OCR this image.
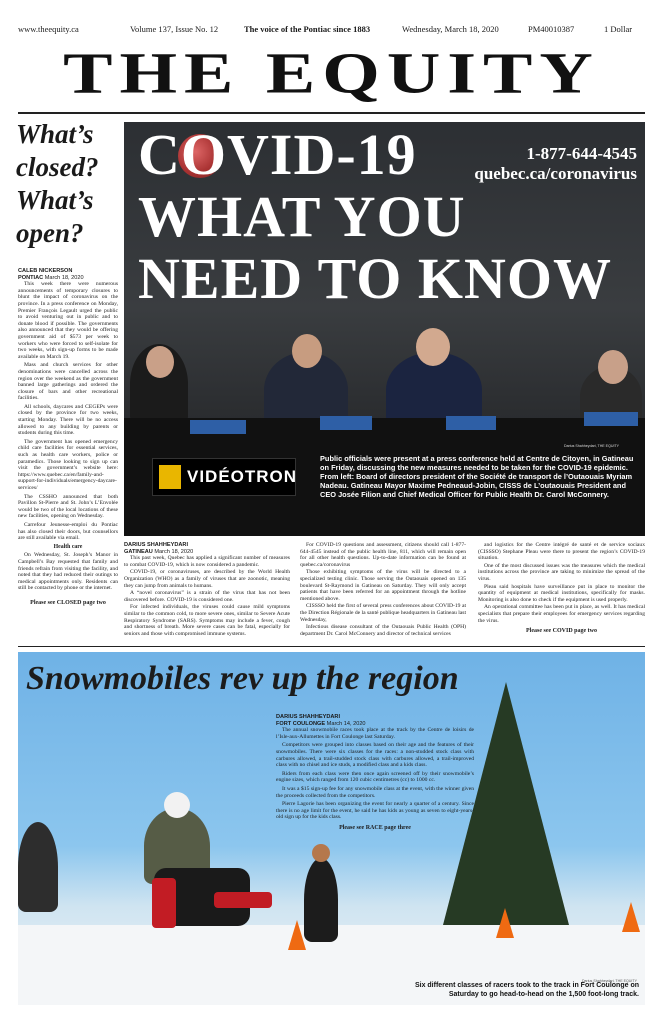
www.theequity.ca	Volume 137, Issue No. 12	The voice of the Pontiac since 1883	Wednesday, March 18, 2020	PM40010387	1 Dollar
THE EQUITY
What’s
closed?
What’s
open?
CALEB NICKERSON
PONTIAC March 18, 2020

This week there were numerous announcements of temporary closures to blunt the impact of coronavirus on the province. In a press conference on Monday, Premier François Legault urged the public to avoid venturing out in public and to donate blood if possible. The governments also announced that they would be offering government aid of $573 per week to workers who were forced to self-isolate for two weeks, with sign-up forms to be made available on March 19.

Mass and church services for other denominations were cancelled across the region over the weekend as the government banned large gatherings and ordered the closure of bars and other recreational facilities.

All schools, daycares and CEGEPs were closed by the province for two weeks, starting Monday. There will be no access allowed to any building by parents or students during this time.

The government has opened emergency child care facilities for essential services, such as health care workers, police or paramedics. Those looking to sign up can visit the government’s website here: https://www.quebec.ca/en/family-and-support-for-individuals/emergency-daycare-services/

The CSSHO announced that both Pavillon St-Pierre and St. John’s L’Envolée would be two of the local locations of these new facilities, opening on Wednesday.

Carrefour Jeunesse-emploi du Pontiac has also closed their doors, but counsellors are still available via email.

Health care

On Wednesday, St. Joseph’s Manor in Campbell’s Bay requested that family and friends refrain from visiting the facility, and noted that they had reduced their outings to medical appointments only. Residents can still be contacted by phone or the internet.

Please see CLOSED page two
COVID-19
WHAT YOU
NEED TO KNOW
1-877-644-4545
quebec.ca/coronavirus
VIDÉOTRON
Darius Shahheydari, THE EQUITY
Public officials were present at a press conference held at Centre de Citoyen, in Gatineau on Friday, discussing the new measures needed to be taken for the COVID-19 epidemic. From left: Board of directors president of the Société de transport de l’Outaouais Myriam Nadeau. Gatineau Mayor Maxime Pedneaud-Jobin, CISSS de L’outaouais President and CEO Josée Filion and Chief Medical Officer for Public Health Dr. Carol McConnery.
DARIUS SHAHHEYDARI
GATINEAU March 18, 2020

This past week, Quebec has applied a significant number of measures to combat COVID-19, which is now considered a pandemic.

COVID-19, or coronaviruses, are described by the World Health Organization (WHO) as a family of viruses that are zoonotic, meaning they can jump from animals to humans.

A “novel coronavirus” is a strain of the virus that has not been discovered before. COVID-19 is considered one.

For infected individuals, the viruses could cause mild symptoms similar to the common cold, to more severe ones, similar to Severe Acute Respiratory Syndrome (SARS). Symptoms may include a fever, cough and shortness of breath. More severe cases can be fatal, especially for seniors and those with compromised immune systems.

For COVID-19 questions and assessment, citizens should call 1-877-644-4545 instead of the public health line, 811, which will remain open for all other health questions. Up-to-date information can be found at quebec.ca/coronavirus

Those exhibiting symptoms of the virus will be directed to a specialized testing clinic. Those serving the Outaouais opened on 135 boulevard St-Raymond in Gatineau on Saturday. They will only accept patients that have been referred for an appointment through the hotline mentioned above.

CISSSO held the first of several press conferences about COVID-19 at the Direction Régionale de la santé publique headquarters in Gatineau last Wednesday,

Infectious disease consultant of the Outaouais Public Health (OPH) department Dr. Carol McConnery and director of technical services

and logistics for the Centre intégré de santé et de service sociaux (CISSSO) Stephane Pleau were there to present the region’s COVID-19 situation.

One of the most discussed issues was the measures which the medical institutions across the province are taking to minimize the spread of the virus.

Pleau said hospitals have surveillance put in place to monitor the quantity of equipment at medical institutions, specifically for masks. Monitoring is also done to check if the equipment is used properly.

An operational committee has been put in place, as well. It has medical specialists that prepare their employees for emergency services regarding the virus.

Please see COVID page two
Snowmobiles rev up the region
DARIUS SHAHHEYDARI
FORT COULONGE March 14, 2020

The annual snowmobile races took place at the track by the Centre de loisirs de l’Isle-aux-Allumettes in Fort Coulonge last Saturday.

Competitors were grouped into classes based on their age and the features of their snowmobiles. There were six classes for the races: a non-studded stock class with carbures allowed, a trail-studded stock class with carbures allowed, a trail-improved class with no chisel and ice studs, a modified class and a kids class.

Riders from each class were then once again screened off by their snowmobile’s engine sizes, which ranged from 120 cubic centimetres (cc) to 1000 cc.

It was a $15 sign-up fee for any snowmobile class at the event, with the winner given the proceeds collected from the competitors.

Pierre Lagorie has been organizing the event for nearly a quarter of a century. Since there is no age limit for the event, he said he has kids as young as seven to eight-years-old sign up for the kids class.

Please see RACE page three
Darius Shahheydari, THE EQUITY
Six different classes of racers took to the track in Fort Coulonge on Saturday to go head-to-head on the 1,500 foot-long track.
